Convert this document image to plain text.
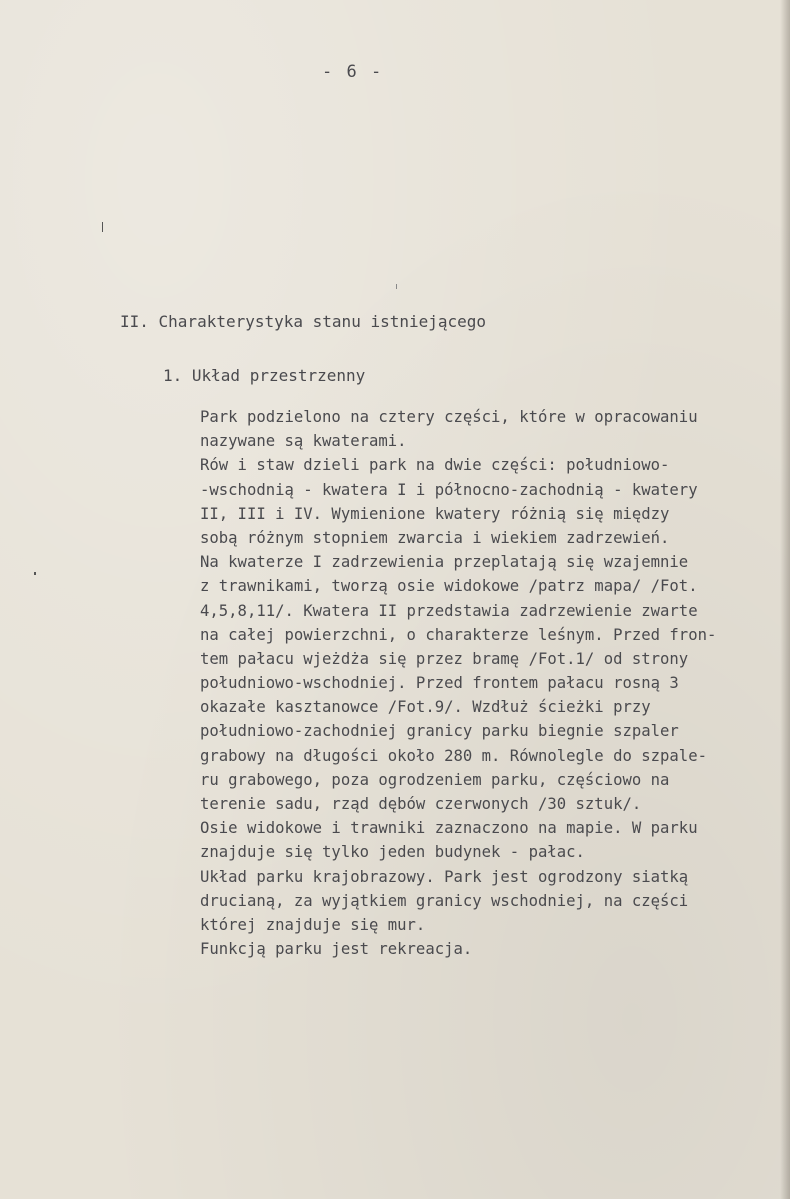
- 6 -
II. Charakterystyka stanu istniejącego
1. Układ przestrzenny
Park podzielono na cztery części, które w opracowaniu
nazywane są kwaterami.
Rów i staw dzieli park na dwie części: południowo-
-wschodnią - kwatera I i północno-zachodnią - kwatery
II, III i IV. Wymienione kwatery różnią się między
sobą różnym stopniem zwarcia i wiekiem zadrzewień.
Na kwaterze I zadrzewienia przeplatają się wzajemnie
z trawnikami, tworzą osie widokowe /patrz mapa/ /Fot.
4,5,8,11/. Kwatera II przedstawia zadrzewienie zwarte
na całej powierzchni, o charakterze leśnym. Przed fron-
tem pałacu wjeżdża się przez bramę /Fot.1/ od strony
południowo-wschodniej. Przed frontem pałacu rosną 3
okazałe kasztanowce /Fot.9/. Wzdłuż ścieżki przy
południowo-zachodniej granicy parku biegnie szpaler
grabowy na długości około 280 m. Równolegle do szpale-
ru grabowego, poza ogrodzeniem parku, częściowo na
terenie sadu, rząd dębów czerwonych /30 sztuk/.
Osie widokowe i trawniki zaznaczono na mapie. W parku
znajduje się tylko jeden budynek - pałac.
Układ parku krajobrazowy. Park jest ogrodzony siatką
drucianą, za wyjątkiem granicy wschodniej, na części
której znajduje się mur.
Funkcją parku jest rekreacja.
